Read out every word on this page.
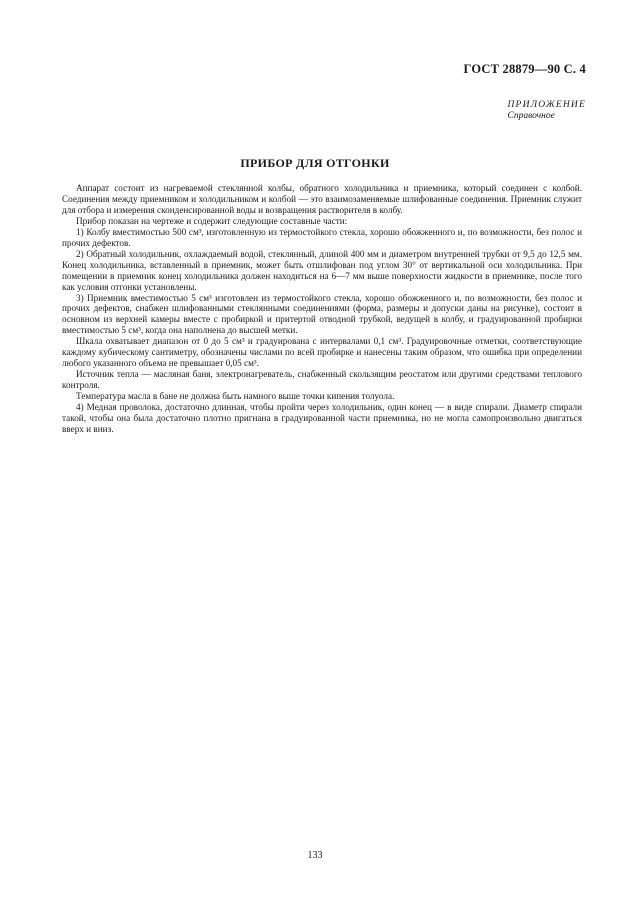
ГОСТ 28879—90 С. 4
ПРИЛОЖЕНИЕ
Справочное
ПРИБОР ДЛЯ ОТГОНКИ

Аппарат состоит из нагреваемой стеклянной колбы, обратного холодильника и приемника, который соединен с колбой. Соединения между приемником и холодильником и колбой — это взаимозаменяемые шлифованные соединения. Приемник служит для отбора и измерения сконденсированной воды и возвращения растворителя в колбу.

Прибор показан на чертеже и содержит следующие составные части:

1) Колбу вместимостью 500 см³, изготовленную из термостойкого стекла, хорошо обожженного и, по возможности, без полос и прочих дефектов.

2) Обратный холодильник, охлаждаемый водой, стеклянный, длиной 400 мм и диаметром внутренней трубки от 9,5 до 12,5 мм. Конец холодильника, вставленный в приемник, может быть отшлифован под углом 30° от вертикальной оси холодильника. При помещении в приемник конец холодильника должен находиться на 6—7 мм выше поверхности жидкости в приемнике, после того как условия отгонки установлены.

3) Приемник вместимостью 5 см³ изготовлен из термостойкого стекла, хорошо обожженного и, по возможности, без полос и прочих дефектов, снабжен шлифованными стеклянными соединениями (форма, размеры и допуски даны на рисунке), состоит в основном из верхней камеры вместе с пробиркой и притертой отводной трубкой, ведущей в колбу, и градуированной пробирки вместимостью 5 см³, когда она наполнена до высшей метки.

Шкала охватывает диапазон от 0 до 5 см³ и градуирована с интервалами 0,1 см³. Градуировочные отметки, соответствующие каждому кубическому сантиметру, обозначены числами по всей пробирке и нанесены таким образом, что ошибка при определении любого указанного объема не превышает 0,05 см³.

Источник тепла — масляная баня, электронагреватель, снабженный скользящим реостатом или другими средствами теплового контроля.

Температура масла в бане не должна быть намного выше точки кипения толуола.

4) Медная проволока, достаточно длинная, чтобы пройти через холодильник, один конец — в виде спирали. Диаметр спирали такой, чтобы она была достаточно плотно пригнана в градуированной части приемника, но не могла самопроизвольно двигаться вверх и вниз.

133
